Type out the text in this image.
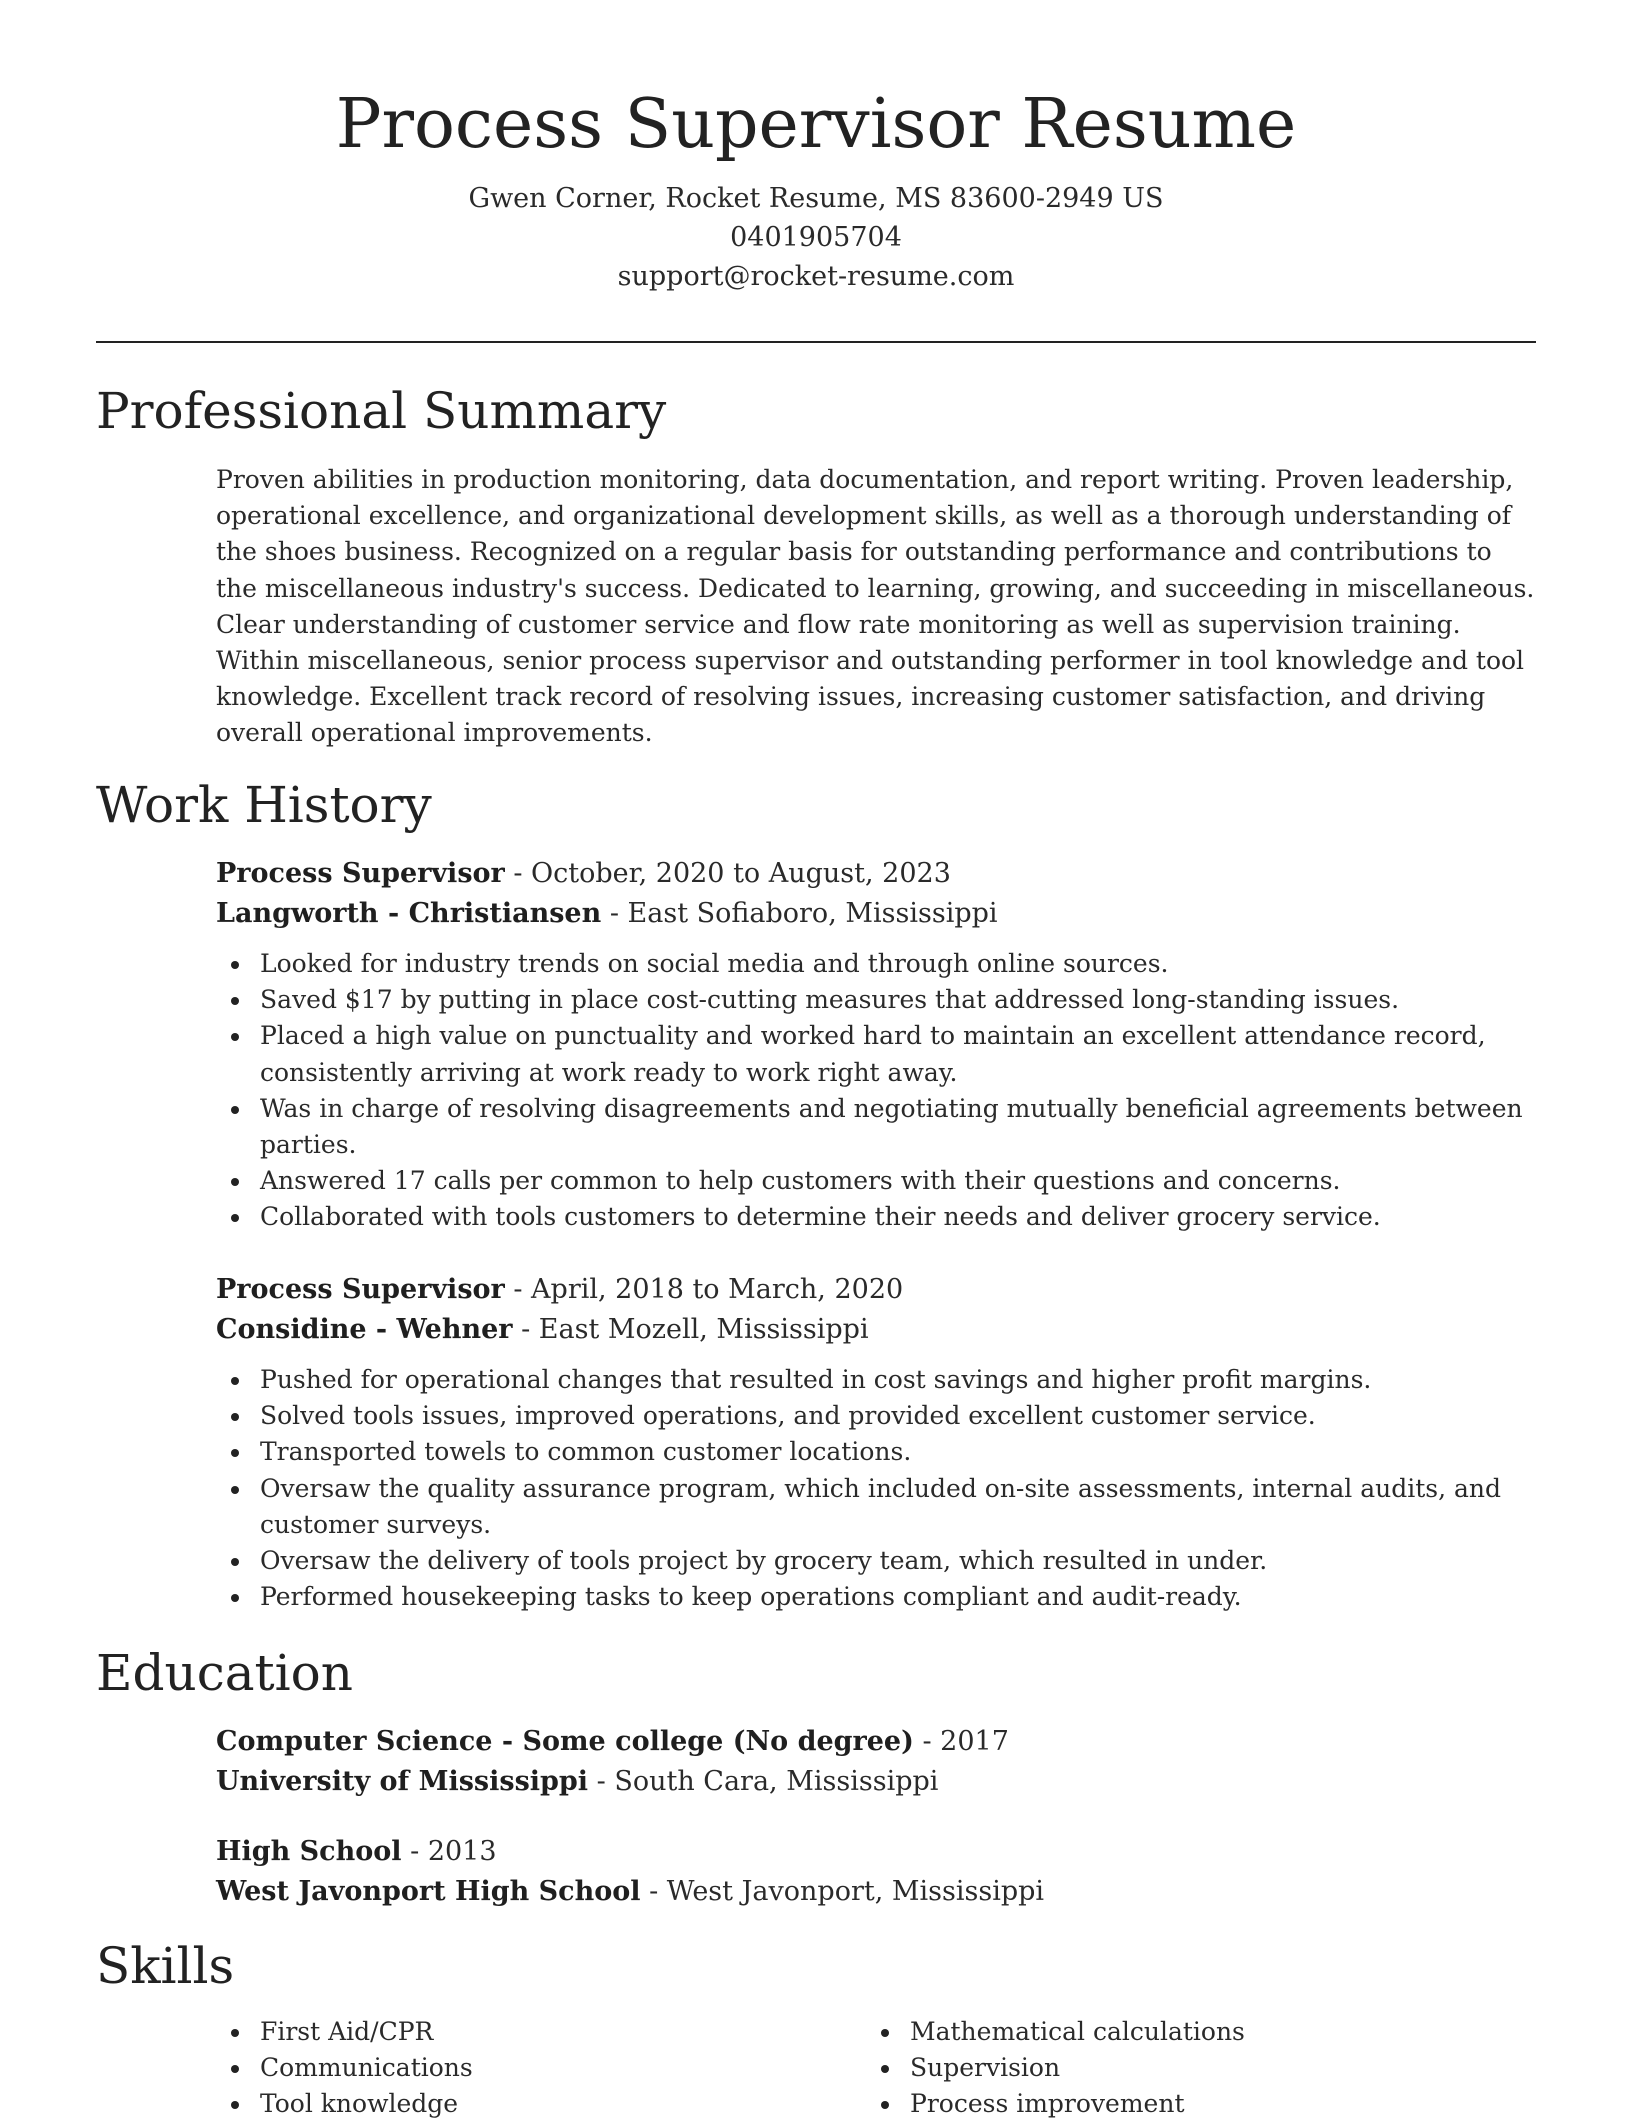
Process Supervisor Resume
Gwen Corner, Rocket Resume, MS 83600-2949 US
0401905704
support@rocket-resume.com
Professional Summary

Proven abilities in production monitoring, data documentation, and report writing. Proven leadership, operational excellence, and organizational development skills, as well as a thorough understanding of the shoes business. Recognized on a regular basis for outstanding performance and contributions to the miscellaneous industry's success. Dedicated to learning, growing, and succeeding in miscellaneous. Clear understanding of customer service and flow rate monitoring as well as supervision training. Within miscellaneous, senior process supervisor and outstanding performer in tool knowledge and tool knowledge. Excellent track record of resolving issues, increasing customer satisfaction, and driving overall operational improvements.

Work History
Process Supervisor - October, 2020 to August, 2023
Langworth - Christiansen - East Sofiaboro, Mississippi
Looked for industry trends on social media and through online sources.
Saved $17 by putting in place cost-cutting measures that addressed long-standing issues.
Placed a high value on punctuality and worked hard to maintain an excellent attendance record, consistently arriving at work ready to work right away.
Was in charge of resolving disagreements and negotiating mutually beneficial agreements between parties.
Answered 17 calls per common to help customers with their questions and concerns.
Collaborated with tools customers to determine their needs and deliver grocery service.
Process Supervisor - April, 2018 to March, 2020
Considine - Wehner - East Mozell, Mississippi
Pushed for operational changes that resulted in cost savings and higher profit margins.
Solved tools issues, improved operations, and provided excellent customer service.
Transported towels to common customer locations.
Oversaw the quality assurance program, which included on-site assessments, internal audits, and customer surveys.
Oversaw the delivery of tools project by grocery team, which resulted in under.
Performed housekeeping tasks to keep operations compliant and audit-ready.
Education
Computer Science - Some college (No degree) - 2017
University of Mississippi - South Cara, Mississippi
High School - 2013
West Javonport High School - West Javonport, Mississippi
Skills
First Aid/CPR
Communications
Tool knowledge
Mathematical calculations
Supervision
Process improvement
